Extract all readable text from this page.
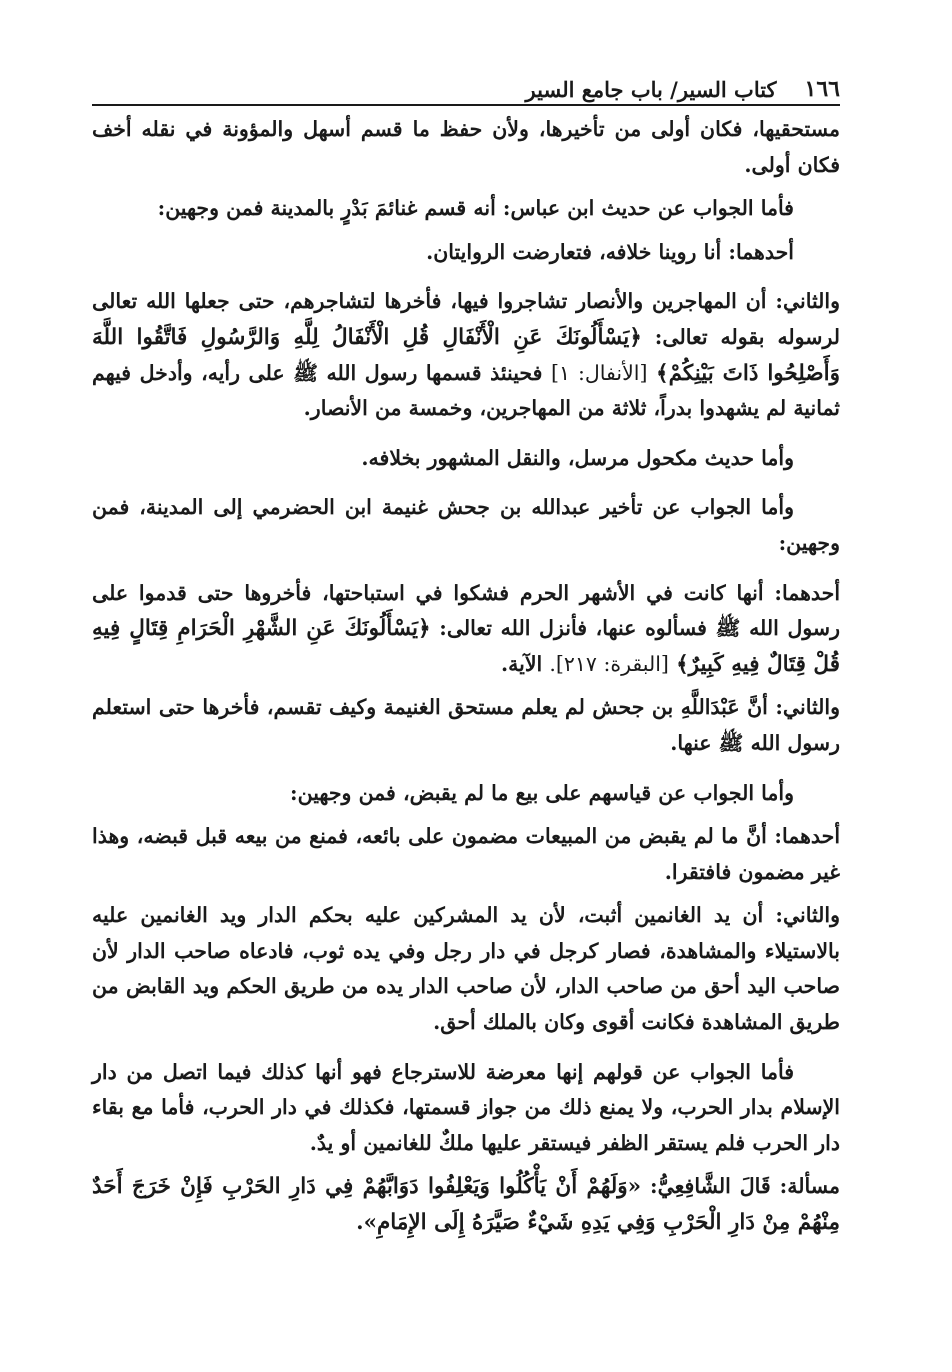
١٦٦
كتاب السير/ باب جامع السير

مستحقيها، فكان أولى من تأخيرها، ولأن حفظ ما قسم أسهل والمؤونة في نقله أخف فكان أولى.

فأما الجواب عن حديث ابن عباس: أنه قسم غنائمَ بَدْرٍ بالمدينة فمن وجهين:

أحدهما: أنا روينا خلافه، فتعارضت الروايتان.

والثاني: أن المهاجرين والأنصار تشاجروا فيها، فأخرها لتشاجرهم، حتى جعلها الله تعالى لرسوله بقوله تعالى: ﴿يَسْأَلُونَكَ عَنِ الْأَنْفَالِ قُلِ الْأَنْفَالُ لِلَّهِ وَالرَّسُولِ فَاتَّقُوا اللَّهَ وَأَصْلِحُوا ذَاتَ بَيْنِكُمْ﴾ [الأنفال: ١] فحينئذ قسمها رسول الله ﷺ على رأيه، وأدخل فيهم ثمانية لم يشهدوا بدراً، ثلاثة من المهاجرين، وخمسة من الأنصار.

وأما حديث مكحول مرسل، والنقل المشهور بخلافه.

وأما الجواب عن تأخير عبدالله بن جحش غنيمة ابن الحضرمي إلى المدينة، فمن وجهين:

أحدهما: أنها كانت في الأشهر الحرم فشكوا في استباحتها، فأخروها حتى قدموا على رسول الله ﷺ فسألوه عنها، فأنزل الله تعالى: ﴿يَسْأَلُونَكَ عَنِ الشَّهْرِ الْحَرَامِ قِتَالٍ فِيهِ قُلْ قِتَالٌ فِيهِ كَبِيرٌ﴾ [البقرة: ٢١٧]. الآية.

والثاني: أنَّ عَبْدَاللَّهِ بن جحش لم يعلم مستحق الغنيمة وكيف تقسم، فأخرها حتى استعلم رسول الله ﷺ عنها.

وأما الجواب عن قياسهم على بيع ما لم يقبض، فمن وجهين:

أحدهما: أنَّ ما لم يقبض من المبيعات مضمون على بائعه، فمنع من بيعه قبل قبضه، وهذا غير مضمون فافتقرا.

والثاني: أن يد الغانمين أثبت، لأن يد المشركين عليه بحكم الدار ويد الغانمين عليه بالاستيلاء والمشاهدة، فصار كرجل في دار رجل وفي يده ثوب، فادعاه صاحب الدار لأن صاحب اليد أحق من صاحب الدار، لأن صاحب الدار يده من طريق الحكم ويد القابض من طريق المشاهدة فكانت أقوى وكان بالملك أحق.

فأما الجواب عن قولهم إنها معرضة للاسترجاع فهو أنها كذلك فيما اتصل من دار الإسلام بدار الحرب، ولا يمنع ذلك من جواز قسمتها، فكذلك في دار الحرب، فأما مع بقاء دار الحرب فلم يستقر الظفر فيستقر عليها ملكٌ للغانمين أو يدٌ.

مسألة: قَالَ الشَّافِعِيُّ: «وَلَهُمْ أَنْ يَأْكُلُوا وَيَعْلِفُوا دَوَابَّهُمْ فِي دَارِ الحَرْبِ فَإِنْ خَرَجَ أَحَدٌ مِنْهُمْ مِنْ دَارِ الْحَرْبِ وَفِي يَدِهِ شَيْءٌ صَيَّرَهُ إِلَى الإِمَامِ».
